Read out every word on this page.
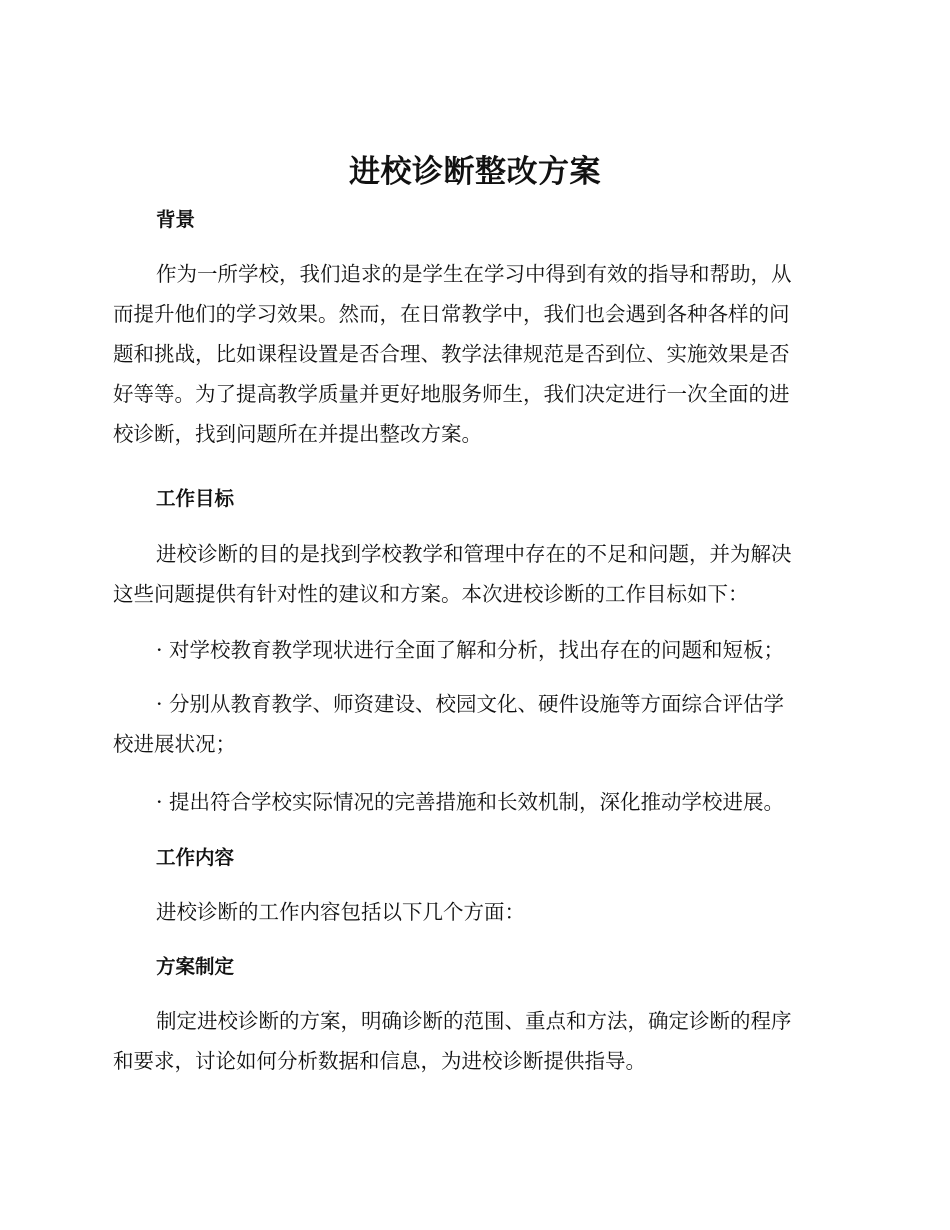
进校诊断整改方案
背景

作为一所学校，我们追求的是学生在学习中得到有效的指导和帮助，从
而提升他们的学习效果。然而，在日常教学中，我们也会遇到各种各样的问
题和挑战，比如课程设置是否合理、教学法律规范是否到位、实施效果是否
好等等。为了提高教学质量并更好地服务师生，我们决定进行一次全面的进
校诊断，找到问题所在并提出整改方案。

工作目标

进校诊断的目的是找到学校教学和管理中存在的不足和问题，并为解决
这些问题提供有针对性的建议和方案。本次进校诊断的工作目标如下：

· 对学校教育教学现状进行全面了解和分析，找出存在的问题和短板；

· 分别从教育教学、师资建设、校园文化、硬件设施等方面综合评估学
校进展状况；

· 提出符合学校实际情况的完善措施和长效机制，深化推动学校进展。

工作内容

进校诊断的工作内容包括以下几个方面：

方案制定

制定进校诊断的方案，明确诊断的范围、重点和方法，确定诊断的程序
和要求，讨论如何分析数据和信息，为进校诊断提供指导。
